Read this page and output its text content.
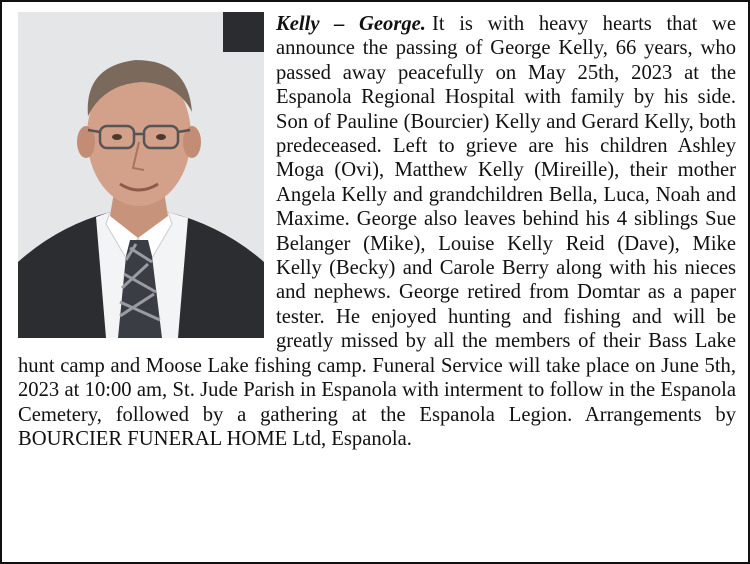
Kelly – George. It is with heavy hearts that we announce the passing of George Kelly, 66 years, who passed away peacefully on May 25th, 2023 at the Espanola Regional Hospital with family by his side. Son of Pauline (Bourcier) Kelly and Gerard Kelly, both predeceased. Left to grieve are his children Ashley Moga (Ovi), Matthew Kelly (Mireille), their mother Angela Kelly and grandchildren Bella, Luca, Noah and Maxime. George also leaves behind his 4 siblings Sue Belanger (Mike), Louise Kelly Reid (Dave), Mike Kelly (Becky) and Carole Berry along with his nieces and nephews. George retired from Domtar as a paper tester. He enjoyed hunting and fishing and will be greatly missed by all the members of their Bass Lake hunt camp and Moose Lake fishing camp. Funeral Service will take place on June 5th, 2023 at 10:00 am, St. Jude Parish in Espanola with interment to follow in the Espanola Cemetery, followed by a gathering at the Espanola Legion. Arrangements by BOURCIER FUNERAL HOME Ltd, Espanola.
